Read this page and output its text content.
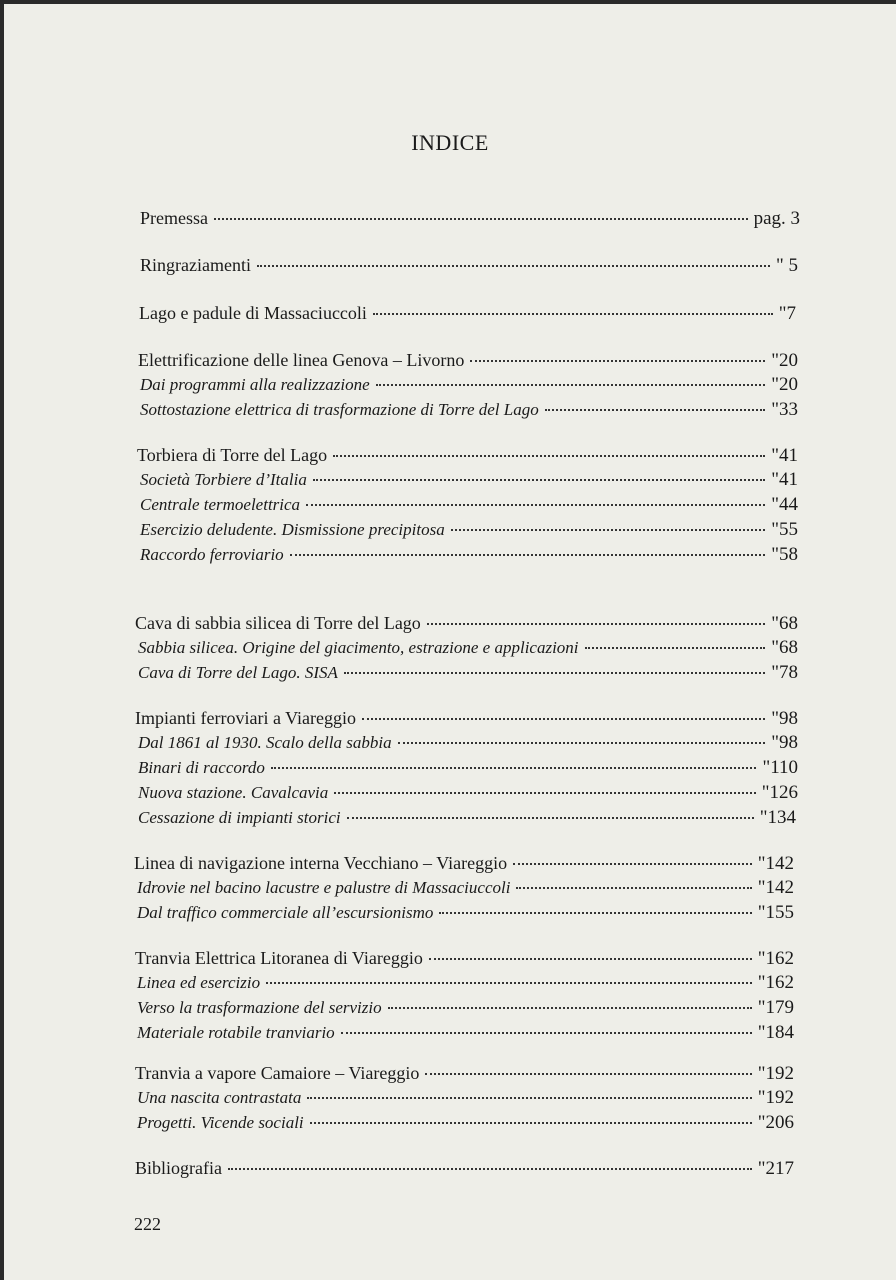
INDICE
Premessa	pag. 3
Ringraziamenti	" 5
Lago e padule di Massaciuccoli	"7
Elettrificazione delle linea Genova – Livorno	"20
Dai programmi alla realizzazione	"20
Sottostazione elettrica di trasformazione di Torre del Lago	"33
Torbiera di Torre del Lago	"41
Società Torbiere d’Italia	"41
Centrale termoelettrica	"44
Esercizio deludente. Dismissione precipitosa	"55
Raccordo ferroviario	"58
Cava di sabbia silicea di Torre del Lago	"68
Sabbia silicea. Origine del giacimento, estrazione e applicazioni	"68
Cava di Torre del Lago. SISA	"78
Impianti ferroviari a Viareggio	"98
Dal 1861 al 1930. Scalo della sabbia	"98
Binari di raccordo	"110
Nuova stazione. Cavalcavia	"126
Cessazione di impianti storici	"134
Linea di navigazione interna Vecchiano – Viareggio	"142
Idrovie nel bacino lacustre e palustre di Massaciuccoli	"142
Dal traffico commerciale all’escursionismo	"155
Tranvia Elettrica Litoranea di Viareggio	"162
Linea ed esercizio	"162
Verso la trasformazione del servizio	"179
Materiale rotabile tranviario	"184
Tranvia a vapore Camaiore – Viareggio	"192
Una nascita contrastata	"192
Progetti. Vicende sociali	"206
Bibliografia	"217
222
